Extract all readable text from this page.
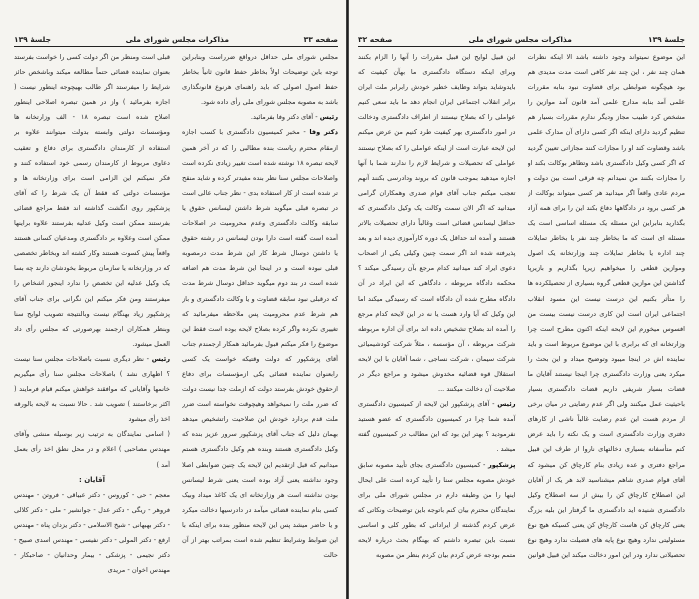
صفحه ۳۳
مذاکرات مجلس شورای ملی
جلسهٔ ۱۳۹

مجلس شورای ملی حداقل درواقع ضرراست وبنابراین توجه باین توضیحات اولاً بخاطر حفظ قانون ثانیاً بخاطر حفظ اصول اصولی که باید راهنمای هرنوع قانونگذاری باشد به مصوبه مجلس شورای ملی رأی داده شود.

رئیس - آقای دکتر وفا بفرمائید.

دکتر وفا - مخبر کمیسیون دادگستری با کسب اجازه ازمقام محترم ریاست بنده مطالبی را که در آخر همین لایحه تبصره ۱۸ نوشته شده است تغییر زیادی نکرده است واصلاحات مجلس سنا نظر بنده مفیدتر کرده و شاید منقح تر شده است از کار استفاده بدی - نظر جناب عالی است در تبصره قبلی میگوید شرط داشتن لیسانس حقوق یا سابقه وکالت دادگستری وعدم محرومیت در اصلاحات آمده است گفته است دارا بودن لیسانس در رشته حقوق یا داشتن دوسال شرط کار این شرط مدت درمصوبه قبلی نبوده است و در اینجا این شرط مدت هم اضافه شده است در بند دوم میگوید حداقل دوسال شرط مدت که درقبلی نبود سابقه قضاوت و یا وکالت دادگستری و باز هم شرط عدم محرومیت پس ملاحظه میفرمائید که تغییری نکرده واگر کرده بصلاح لایحه بوده است فقط این موضوع را فکر میکنم قبول بفرمائید همکار ارجمندم جناب آقای پزشکپور که دولت وقتیکه خواست یک کسی رابعنوان نماینده قضائی یکی ازمؤسسات برای دفاع ازحقوق خودش بفرستد دولت که ازملت جدا نیست دولت که ضرر ملت را نمیخواهد وهیچوقت نخواسته است ضرر ملت قدم بردارد خودش این صلاحیت راتشخیص میدهد بهمان دلیل که جناب آقای پزشکپور سرور عزیز بنده که وکیل دادگستری هستند وبنده هم وکیل دادگستری هستم میدانیم که قبل ازتقدیم این لایحه یک چنین ضوابطی اصلا وجود نداشته یعنی آزاد بوده است یعنی شرط لیسانس بودن نداشته است هر وزارتخانه ای یک کاغذ میداد وبیک کسی بنام نماینده قضائی میآمد در دادرسیها دخالت میکرد و یا حاضر میشد پس این لایحه منظور بنده برای اینکه با این ضوابط وشرایط تنظیم شده است بمراتب بهتر از آن حالت

قبلی است ومنظر من اگر دولت کسی را خواست بفرستد بعنوان نماینده قضائی حتماً مطالعه میکند وباشخص حائز شرایط را میفرستد اگر طالب بهیچوجه اینطور نیست ( اجازه بفرمائید ) واز در همین تبصره اصلاحی اینطور اصلاح شده است تبصره ۱۸ - الف وزارتخانه ها ومؤسسات دولتی وابسته بدولت میتوانند علاوه بر استفاده از کارمندان دادگستری برای دفاع و تعقیب دعاوی مربوط از کارمندان رسمی خود استفاده کنند و فکر نمیکنم این الزامی است برای وزارتخانه ها و مؤسسات دولتی که فقط آن یک شرط را که آقای پزشکپور روی انگشت گذاشته اند فقط مراجع قضائی بفرستند ممکن است وکیل عدلیه بفرستند علاوه براینها ممکن است وعلاوه بر دادگستری ومدعیان کسانی هستند واقعاً پیش کسوت هستند وکار کشته اند وبخاطر تخصصی که در وزارتخانه یا سازمان مربوط بخودشان دارند چه بسا یک وکیل عدلیه این تخصص را ندارد اینجور اشخاص را میفرستند ومن فکر میکنم این نگرانی برای جناب آقای پزشکپور زیاد بهنگام نیست وبالنتیجه تصویب لوایح سنا وبنظر همکاران ارجمند بهرصورتی که مجلس رأی داد العمل میشود.

رئیس - نظر دیگری نسبت باصلاحات مجلس سنا نیست ؟ اظهاری نشد ) باصلاحات مجلس سنا رأی میگیریم خانمها وآقایانی که موافقند خواهش میکنم قیام فرمایند ( اکثر برخاستند ) تصویب شد . حالا نسبت به لایحه بالورقه اخذ رأی میشود

( اسامی نمایندگان به ترتیب زیر بوسیله منشی وآقای مهندس مصاحبی ) اعلام و در محل نطق اخذ رأی بعمل آمد )

آقایان :

معجم - حی - کوروس - دکتر عبیاقی - فروتن - مهندس فروهر - ریگی - دکتر عدل - جوانشیر - ملی - دکتر کلالی - دکتر بهبهانی - شیخ الاسلامی - دکتر یزدان پناه - مهندس ارفع - دکتر المولی - دکتر نفیسی - مهندس اسدی صبیح - دکتر نجیمی - پزشکی - بیمار وحدانیان - صاحبکار - مهندس اخوان - مریدی

جلسهٔ ۱۳۹
مذاکرات مجلس شورای ملی
صفحه ۳۲

این موضوع نمیتواند وجود داشته باشد الا اینکه نظرات همان چند نفر ، این چند نفر کافی است مدت مدیدی هم بود هیچگونه ضوابطی برای قضاوت نبود بنابه مقررات علمی آمد بنابه مدارج علمی آمد قانون آمد موازین را مشخص کرد طبیب مجاز ودیگر ندارم مقررات بسیار هم تنظیم گردید دارای اینکه اگر کسی دارای آن مدارک علمی باشد وقضاوت کند او را مجازات کنند مجازاتی تعیین گردید که اگر کسی وکیل دادگستری باشد وتظاهر بوکالت بکند او را مجازات بکنند من نمیدانم چه فرقی است بین دولت و مردم عادی واقعاً اگر میدانید هر کسی میتواند بوکالت از هر کسی برود در دادگاهها دفاع بکند این را برای همه آزاد بگذارید بنابراین این مسئله یک مسئله اساسی است یک مسئله ای است که ما بخاطر چند نفر یا بخاطر تمایلات چند اداره یا بخاطر تمایلات چند وزارتخانه یک اصول وموازین قطعی را میخواهیم زیرپا بگذاریم و بازیرپا گذاشتن این موازین قطعی گروه بسیاری از تحصیلکرده ها را متأثر بکنیم این درست نیست این مسود انقلاب اجتماعی ایران است این کاری درست نیست بیست من افسوس میخورم این لایحه اینکه اکنون مطرح است چرا وزارتخانه ای که برابری با این موضوع مربوط است و باید نماینده اش در اینجا میبود وتوضیح میداد و این بحث را میکرد یعنی وزارت دادگستری چرا اینجا نیستند آقایان ما قضات بسیار شریفی داریم قضات دادگستری بسیار باحیثیت عمل میکنند ولی اگر عدم رضایتی در میان برخی از مردم هست این عدم رضایت غالباً ناشی از کارهای دفتری وزارت دادگستری است و یک نکته را باید عرض کنم متأسفانه بسیاری دخالتهای ناروا از طرف این قبیل مراجع دفتری و عده زیادی بنام کارچاق کن میشود که آقای قوام صدری شاهم میشناسید لابد هر یک از آقایان این اصطلاح کارچاق کن را بیش از سه اصطلاح وکیل دادگستری شنیده اید دادگستری ما گرفتار این بلیه بزرگ یعنی کارچاق کن هاست کارچاق کن یعنی کسیکه هیچ نوع مسئولیتی ندارد وهیچ نوع پایه های فضیلت ندارد وهیچ نوع تحصیلاتی ندارد ودر این امور دخالت میکند این قبیل قوانین

این قبیل لوایح این قبیل مقررات را آنها را الزام بکنند وبرای اینکه دستگاه دادگستری ما بهآن کیفیت که بایدوشاید بتواند وظایف خطیر خودش رابرابر ملت ایران برابر انقلاب اجتماعی ایران انجام دهد ما باید سعی کنیم عواملی را که بصلاح نیستند از اطراف دادگستری ودخالت در امور دادگستری بهر کیفیت طرد کنیم من عرض میکنم این لایحه عبارت است از اینکه عواملی را که بصلاح نیستند عواملی که تحصیلات و شرایط لازم را ندارند شما با آنها اجازه میدهید بموجب قانون که بروند ودادرسی بکنند آنهم تعجب میکنم جناب آقای قوام صدری وهمکاران گرامی میدانید که اگر الان سمت وکالت یک وکیل دادگستری که حداقل لیسانس قضائی است وغالباً دارای تحصیلات بالاتر هستند و آمده اند حداقل یک دوره کارآموزی دیده اند و بعد پذیرفته شده اند اگر سمت چنین وکیلی یکی از اصحاب دعوی ایراد کند میدانید کدام مرجع بآن رسیدگی میکند ؟ محکمه دادگاه مربوطه ، دادگاهی که این ایراد در آن دادگاه مطرح شده آن دادگاه است که رسیدگی میکند اما این وکیل که آیا وارد هست یا نه در این لایحه کدام مرجع را آمده اند بصلاح تشخیص داده اند برای آن اداره مربوطه شرکت مربوطه ، آن مؤسسه ، مثلاً شرکت کودشیمیائی شرکت سیمان ، شرکت نساجی ، شما آقایان با این لایحه استقلال قوه قضائیه مخدوش میشود و مراجع دیگر در صلاحیت آن دخالت میکنند ...

رئیس - آقای پزشکپور این لایحه از کمیسیون دادگستری آمده شما چرا در کمیسیون دادگستری که عضو هستید نفرمودید ؟ بهتر این بود که این مطالب در کمیسیون گفته میشد .

پزشکپور - کمیسیون دادگستری بجای تأیید مصوبه سابق خودش مصوبه مجلس سنا را تأیید کرده است علی ایحال اینها را من وظیفه دارم در مجلس شورای ملی برای نمایندگان محترم بیان کنم باتوجه باین توضیحات ونکاتی که عرض کردم گذشته از ایراداتی که بطور کلی و اساسی نسبت باین تبصره داشتم که بهنگام بحث درباره لایحه متمم بودجه عرض کردم بیان کردم بنظر من مصوبه
